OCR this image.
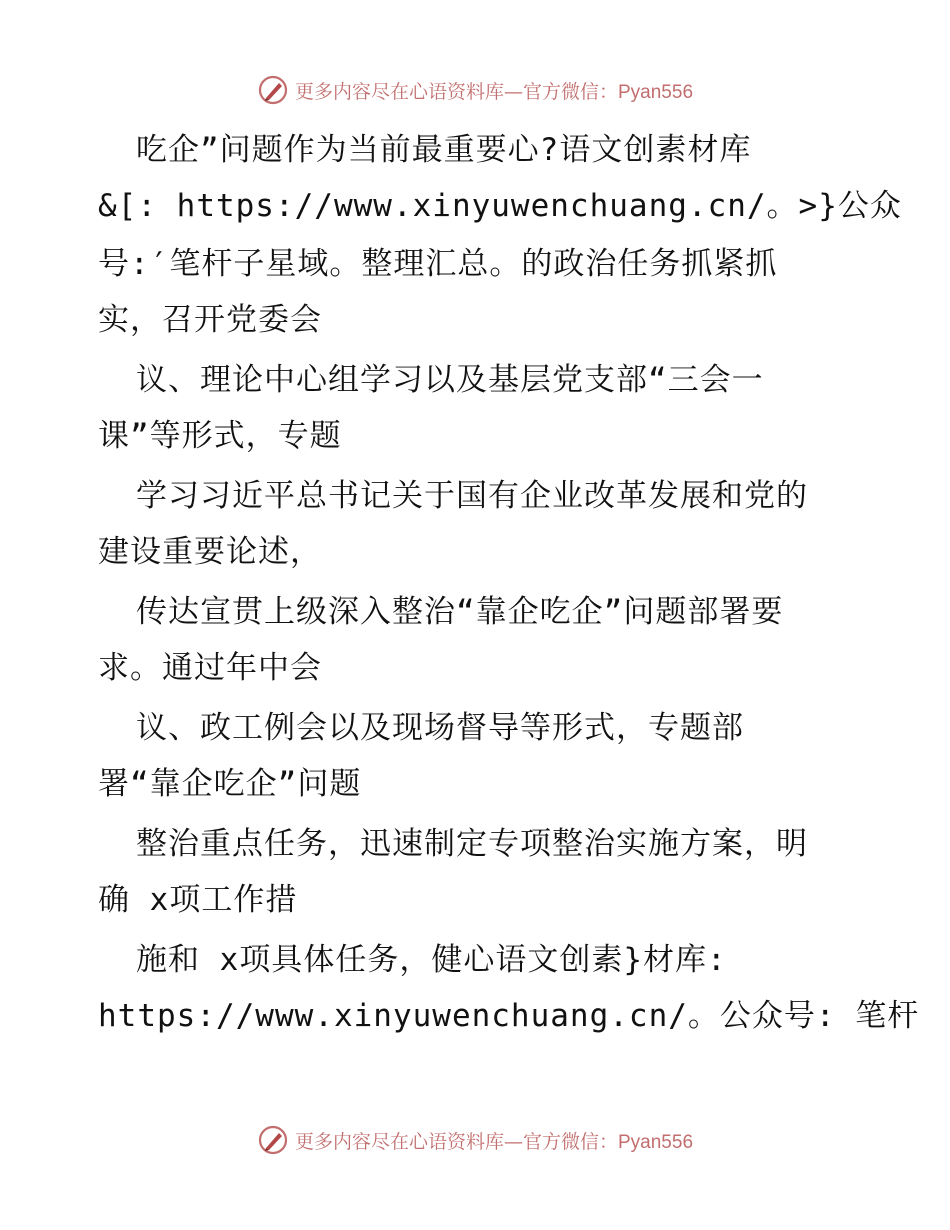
更多内容尽在心语资料库—官方微信：Pyan556
吃企”问题作为当前最重要心?语文创素材库
&[: https://www.xinyuwenchuang.cn/。>}公众
号:′笔杆子星域。整理汇总。的政治任务抓紧抓
实，召开党委会
议、理论中心组学习以及基层党支部“三会一
课”等形式，专题
学习习近平总书记关于国有企业改革发展和党的
建设重要论述，
传达宣贯上级深入整治“靠企吃企”问题部署要
求。通过年中会
议、政工例会以及现场督导等形式，专题部
署“靠企吃企”问题
整治重点任务，迅速制定专项整治实施方案，明
确 x项工作措
施和 x项具体任务，健心语文创素}材库:
https://www.xinyuwenchuang.cn/。公众号: 笔杆
更多内容尽在心语资料库—官方微信：Pyan556
